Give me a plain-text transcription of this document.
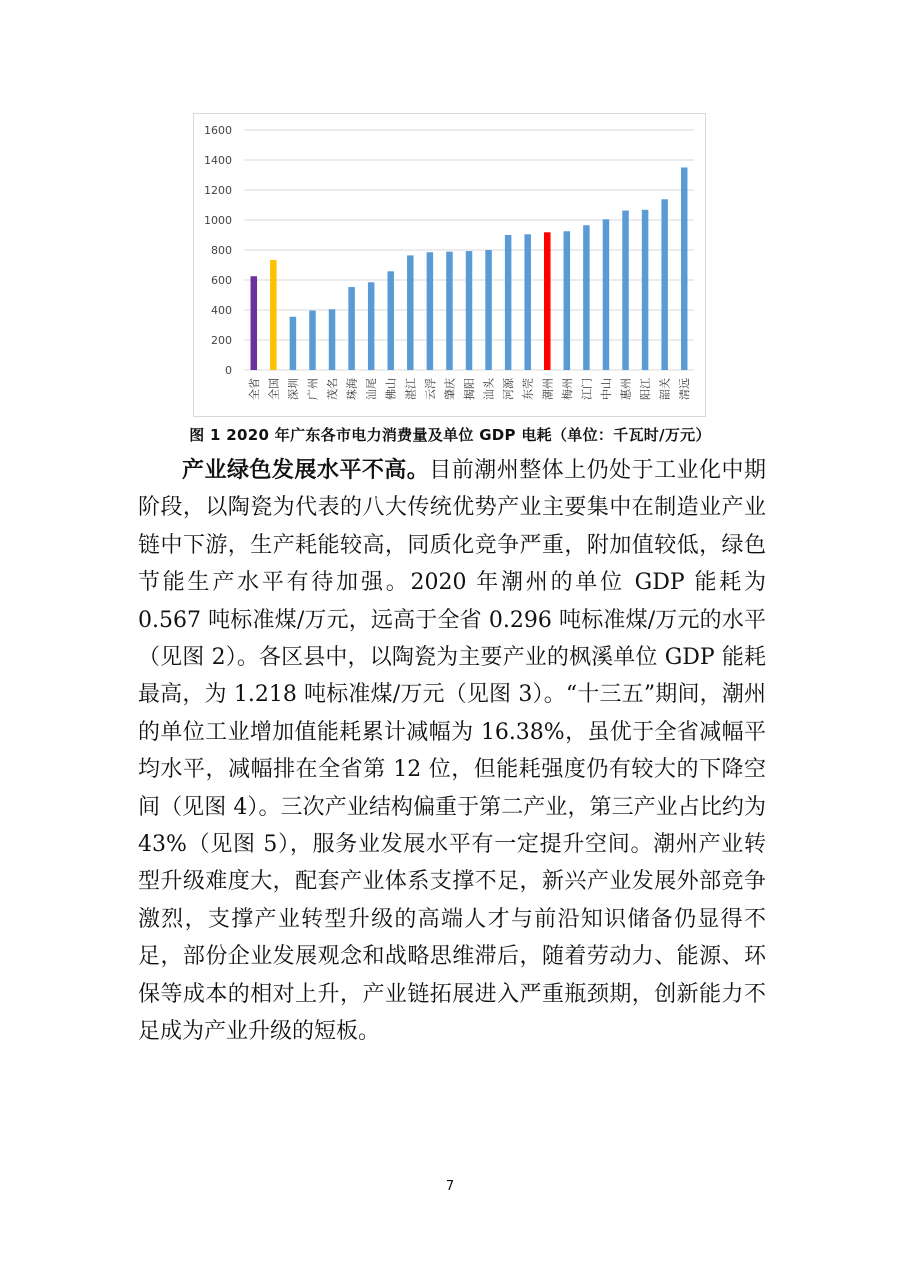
0
200
400
600
800
1000
1200
1400
1600
全省 全国 深圳 广州 茂名 珠海 汕尾 佛山 湛江 云浮 肇庆 揭阳 汕头 河源 东莞 潮州 梅州 江门 中山 惠州 阳江 韶关 清远
图 1 2020 年广东各市电力消费量及单位 GDP 电耗（单位：千瓦时/万元）

产业绿色发展水平不高。目前潮州整体上仍处于工业化中期阶段，以陶瓷为代表的八大传统优势产业主要集中在制造业产业链中下游，生产耗能较高，同质化竞争严重，附加值较低，绿色节能生产水平有待加强。2020 年潮州的单位 GDP 能耗为 0.567 吨标准煤/万元，远高于全省 0.296 吨标准煤/万元的水平（见图 2）。各区县中，以陶瓷为主要产业的枫溪单位 GDP 能耗最高，为 1.218 吨标准煤/万元（见图 3）。“十三五”期间，潮州的单位工业增加值能耗累计减幅为 16.38%，虽优于全省减幅平均水平，减幅排在全省第 12 位，但能耗强度仍有较大的下降空间（见图 4）。三次产业结构偏重于第二产业，第三产业占比约为 43%（见图 5），服务业发展水平有一定提升空间。潮州产业转型升级难度大，配套产业体系支撑不足，新兴产业发展外部竞争激烈，支撑产业转型升级的高端人才与前沿知识储备仍显得不足，部份企业发展观念和战略思维滞后，随着劳动力、能源、环保等成本的相对上升，产业链拓展进入严重瓶颈期，创新能力不足成为产业升级的短板。

7
